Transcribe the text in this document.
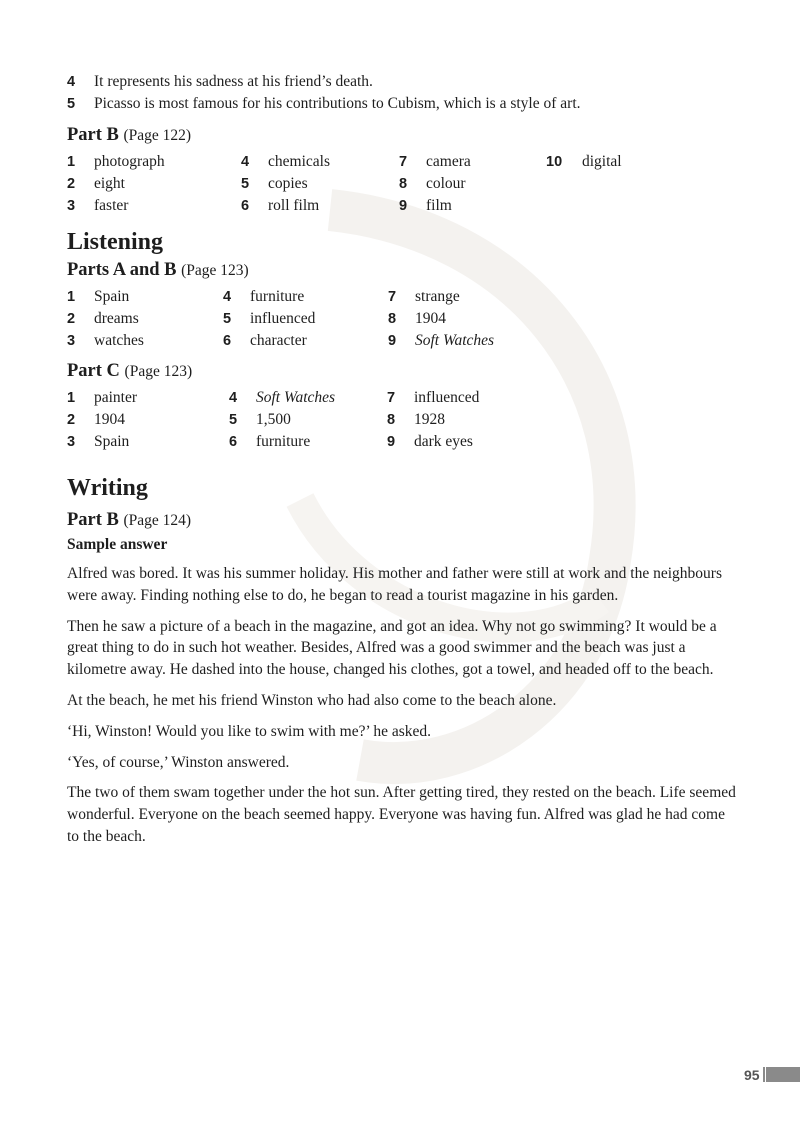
4 It represents his sadness at his friend’s death.
5 Picasso is most famous for his contributions to Cubism, which is a style of art.
Part B (Page 122)
1 photograph	4 chemicals	7 camera	10 digital
2 eight	5 copies	8 colour
3 faster	6 roll film	9 film
Listening
Parts A and B (Page 123)
1 Spain	4 furniture	7 strange
2 dreams	5 influenced	8 1904
3 watches	6 character	9 Soft Watches
Part C (Page 123)
1 painter	4 Soft Watches	7 influenced
2 1904	5 1,500	8 1928
3 Spain	6 furniture	9 dark eyes
Writing
Part B (Page 124)
Sample answer

Alfred was bored. It was his summer holiday. His mother and father were still at work and the neighbours were away. Finding nothing else to do, he began to read a tourist magazine in his garden.

Then he saw a picture of a beach in the magazine, and got an idea. Why not go swimming? It would be a great thing to do in such hot weather. Besides, Alfred was a good swimmer and the beach was just a kilometre away. He dashed into the house, changed his clothes, got a towel, and headed off to the beach.

At the beach, he met his friend Winston who had also come to the beach alone.

‘Hi, Winston! Would you like to swim with me?’ he asked.

‘Yes, of course,’ Winston answered.

The two of them swam together under the hot sun. After getting tired, they rested on the beach. Life seemed wonderful. Everyone on the beach seemed happy. Everyone was having fun. Alfred was glad he had come to the beach.

95
